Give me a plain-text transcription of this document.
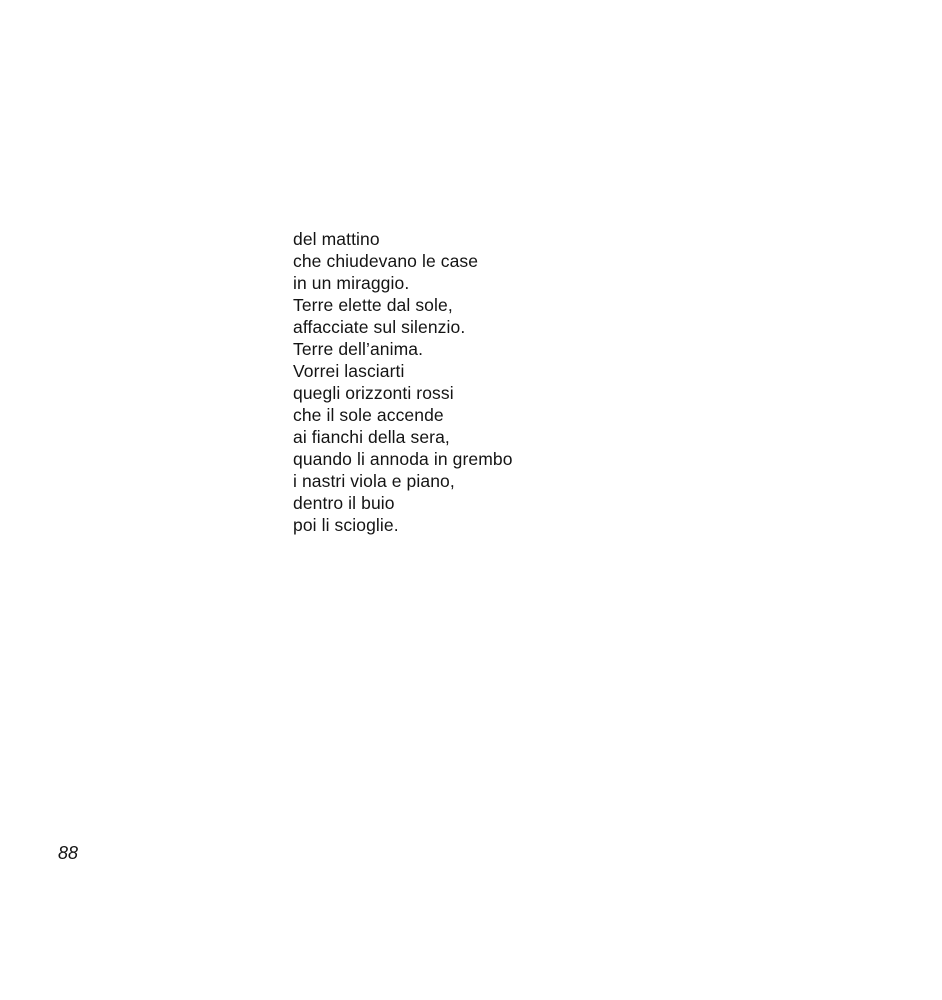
del mattino
che chiudevano le case
in un miraggio.
Terre elette dal sole,
affacciate sul silenzio.
Terre dell’anima.
Vorrei lasciarti
quegli orizzonti rossi
che il sole accende
ai fianchi della sera,
quando li annoda in grembo
i nastri viola e piano,
dentro il buio
poi li scioglie.
88
